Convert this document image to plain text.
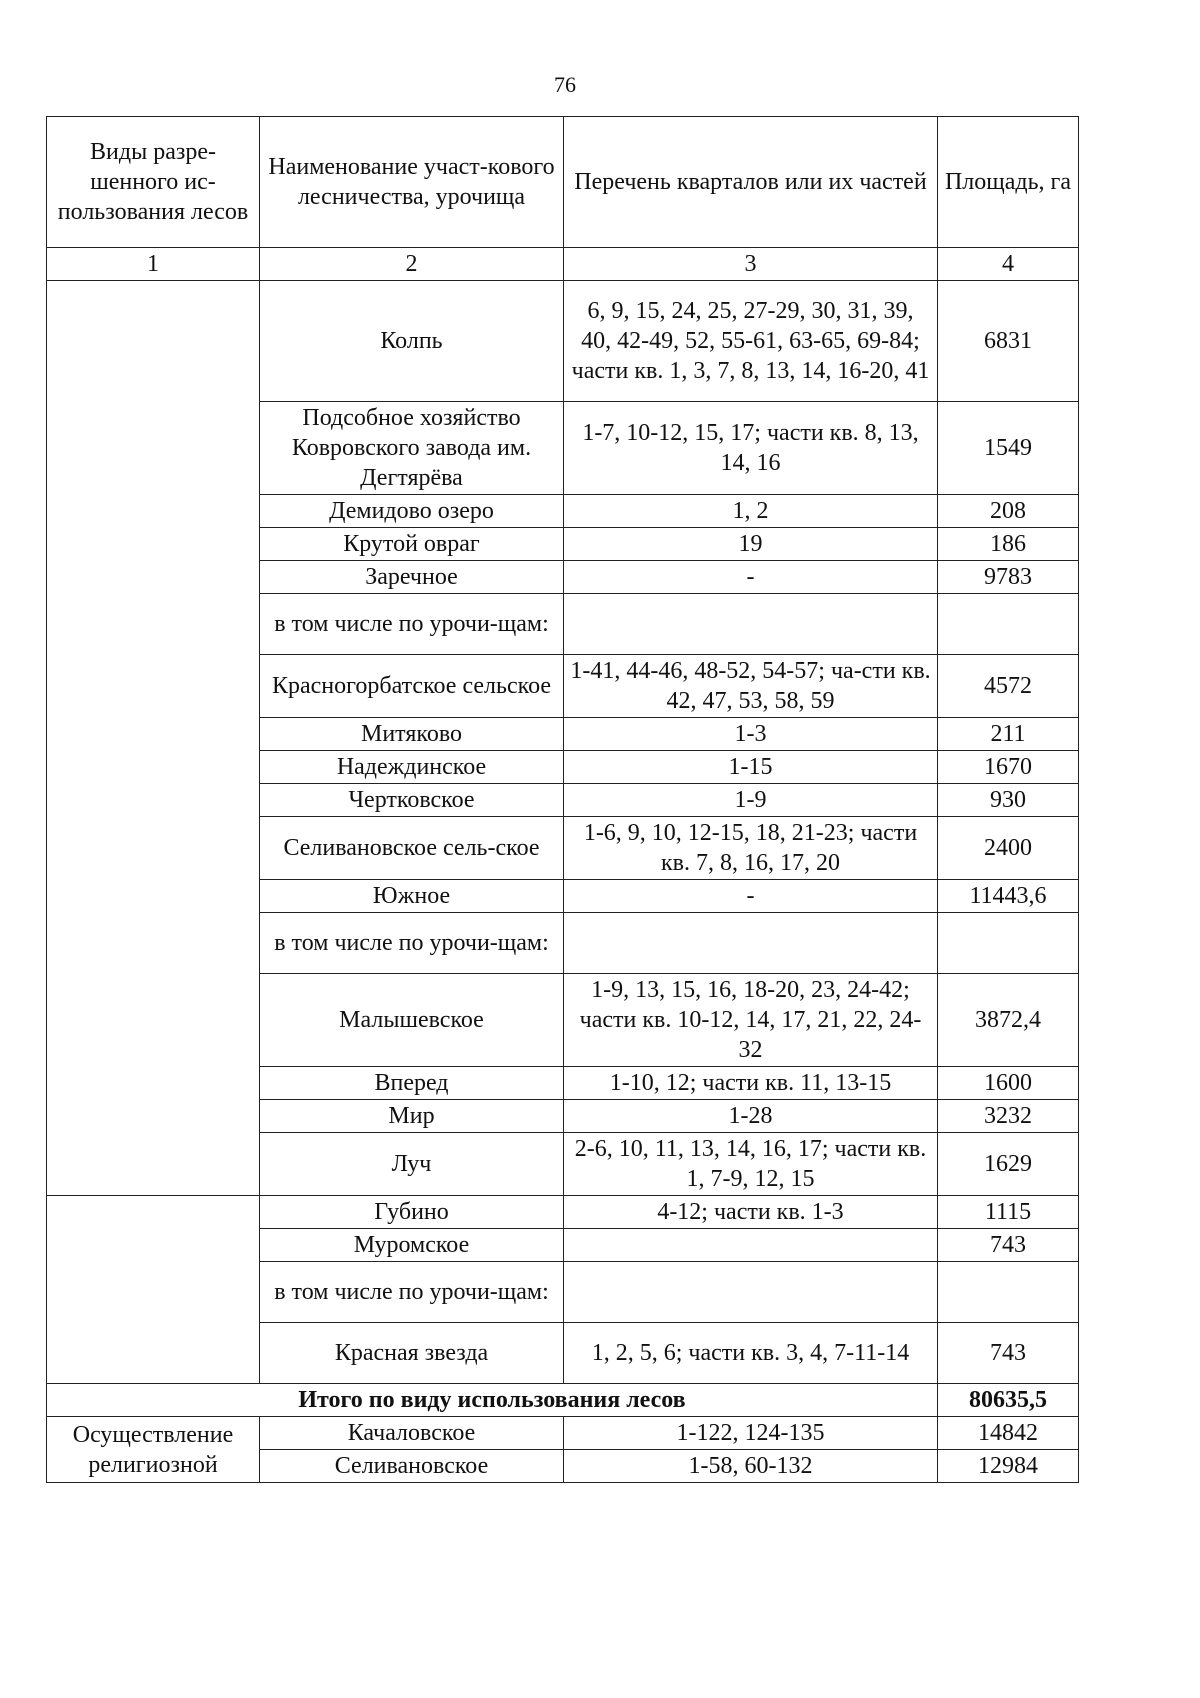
76
Виды разре-шенного ис-пользования лесов	Наименование участ-кового лесничества, урочища	Перечень кварталов или их частей	Площадь, га
1	2	3	4
	Колпь	6, 9, 15, 24, 25, 27-29, 30, 31, 39, 40, 42-49, 52, 55-61, 63-65, 69-84; части кв. 1, 3, 7, 8, 13, 14, 16-20, 41	6831
	Подсобное хозяйство Ковровского завода им. Дегтярёва	1-7, 10-12, 15, 17; части кв. 8, 13, 14, 16	1549
	Демидово озеро	1, 2	208
	Крутой овраг	19	186
	Заречное	-	9783
	в том числе по урочи-щам:		
	Красногорбатское сельское	1-41, 44-46, 48-52, 54-57; ча-сти кв. 42, 47, 53, 58, 59	4572
	Митяково	1-3	211
	Надеждинское	1-15	1670
	Чертковское	1-9	930
	Селивановское сель-ское	1-6, 9, 10, 12-15, 18, 21-23; части кв. 7, 8, 16, 17, 20	2400
	Южное	-	11443,6
	в том числе по урочи-щам:		
	Малышевское	1-9, 13, 15, 16, 18-20, 23, 24-42; части кв. 10-12, 14, 17, 21, 22, 24-32	3872,4
	Вперед	1-10, 12; части кв. 11, 13-15	1600
	Мир	1-28	3232
	Луч	2-6, 10, 11, 13, 14, 16, 17; части кв. 1, 7-9, 12, 15	1629
	Губино	4-12; части кв. 1-3	1115
	Муромское		743
	в том числе по урочи-щам:		
	Красная звезда	1, 2, 5, 6; части кв. 3, 4, 7-11-14	743
Итого по виду использования лесов			80635,5
Осуществление религиозной	Качаловское	1-122, 124-135	14842
	Селивановское	1-58, 60-132	12984
